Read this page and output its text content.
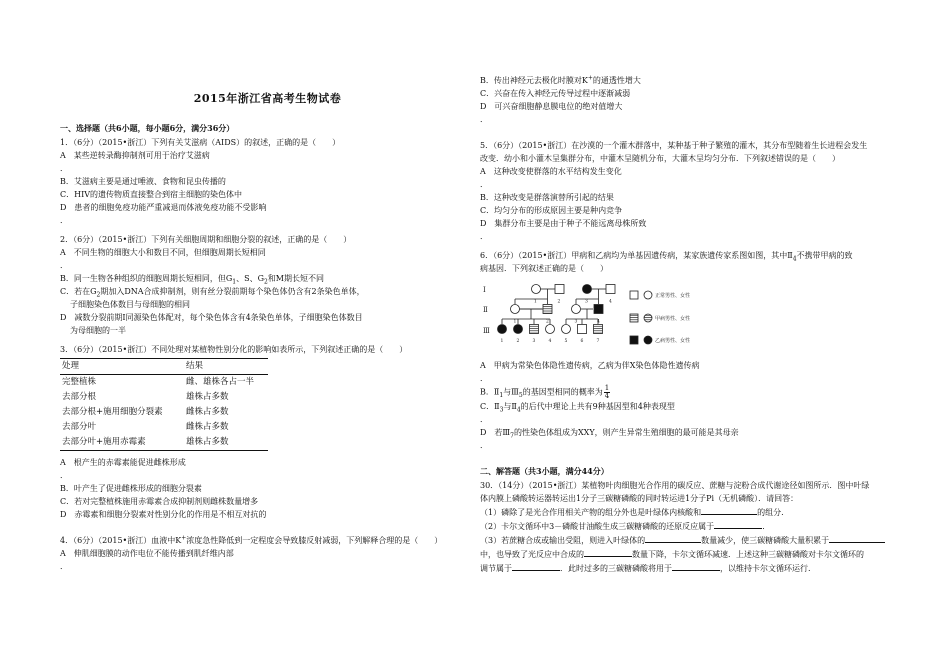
2015年浙江省高考生物试卷
一、选择题（共6小题，每小题6分，满分36分）
1．（6分）（2015•浙江）下列有关艾滋病（AIDS）的叙述，正确的是（　　）
A　某些逆转录酶抑制剂可用于治疗艾滋病
．
B．艾滋病主要是通过唾液、食物和昆虫传播的
C．HIV的遗传物质直接整合到宿主细胞的染色体中
D　患者的细胞免疫功能严重减退而体液免疫功能不受影响
．
2．（6分）（2015•浙江）下列有关细胞周期和细胞分裂的叙述，正确的是（　　）
A　不同生物的细胞大小和数目不同，但细胞周期长短相同
．
B．同一生物各种组织的细胞周期长短相同，但$G_1$、S、$G_2$和M期长短不同
C．若在$G_2$期加入DNA合成抑制剂，则有丝分裂前期每个染色体仍含有2条染色单体，
子细胞染色体数目与母细胞的相同
D　减数分裂前期I同源染色体配对，每个染色体含有4条染色单体，子细胞染色体数目
为母细胞的一半
3．（6分）（2015•浙江）不同处理对某植物性别分化的影响如表所示，下列叙述正确的是（　　）
处理	结果
完整植株	雌、雄株各占一半
去部分根	雄株占多数
去部分根+施用细胞分裂素	雌株占多数
去部分叶	雌株占多数
去部分叶+施用赤霉素	雄株占多数
A　根产生的赤霉素能促进雌株形成
．
B．叶产生了促进雌株形成的细胞分裂素
C．若对完整植株施用赤霉素合成抑制剂则雌株数量增多
D　赤霉素和细胞分裂素对性别分化的作用是不相互对抗的
4．（6分）（2015•浙江）血液中K+浓度急性降低到一定程度会导致膝反射减弱，下列解释合理的是（　　）
A　伸肌细胞膜的动作电位不能传播到肌纤维内部
．
B．传出神经元去极化时膜对K+的通透性增大
C．兴奋在传入神经元传导过程中逐渐减弱
D　可兴奋细胞静息膜电位的绝对值增大
．
5．（6分）（2015•浙江）在沙漠的一个灌木群落中，某种基于种子繁殖的灌木，其分布型随着生长进程会发生
改变．幼小和小灌木呈集群分布，中灌木呈随机分布，大灌木呈均匀分布．下列叙述错误的是（　　）
A　这种改变使群落的水平结构发生变化
．
B．这种改变是群落演替所引起的结果
C．均匀分布的形成原因主要是种内竞争
D　集群分布主要是由于种子不能远离母株所致
．
6．（6分）（2015•浙江）甲病和乙病均为单基因遗传病，某家族遗传家系图如图，其中$Ⅱ_4$不携带甲病的致
病基因．下列叙述正确的是（　　）
Ⅰ
Ⅱ
Ⅲ
1	2	3	4
1	2	3	4
1	2	3	4	5	6	7
正常男性、女性
甲病男性、女性
乙病男性、女性
A　甲病为常染色体隐性遗传病，乙病为伴X染色体隐性遗传病
．
B．$Ⅱ_1$与$Ⅲ_5$的基因型相同的概率为 $\frac{1}{4}$
C．$Ⅱ_3$与$Ⅱ_4$的后代中理论上共有9种基因型和4种表现型
．
D　若$Ⅲ_7$的性染色体组成为XXY，则产生异常生殖细胞的最可能是其母亲
．
二、解答题（共3小题，满分44分）
30．（14分）（2015•浙江）某植物叶肉细胞光合作用的碳反应、蔗糖与淀粉合成代谢途径如图所示．图中叶绿
体内膜上磷酸转运器转运出1分子三碳糖磷酸的同时转运进1分子Pi（无机磷酸）．请回答：
（1）磷除了是光合作用相关产物的组分外也是叶绿体内核酸和	的组分.
（2）卡尔文循环中3－磷酸甘油酸生成三碳糖磷酸的还原反应属于	．
（3）若蔗糖合成或输出受阻，则进入叶绿体的	数量减少，使三碳糖磷酸大量积累于
中，也导致了光反应中合成的	数量下降，卡尔文循环减速．上述这种三碳糖磷酸对卡尔文循环的
调节属于	．此时过多的三碳糖磷酸将用于	，以维持卡尔文循环运行.
